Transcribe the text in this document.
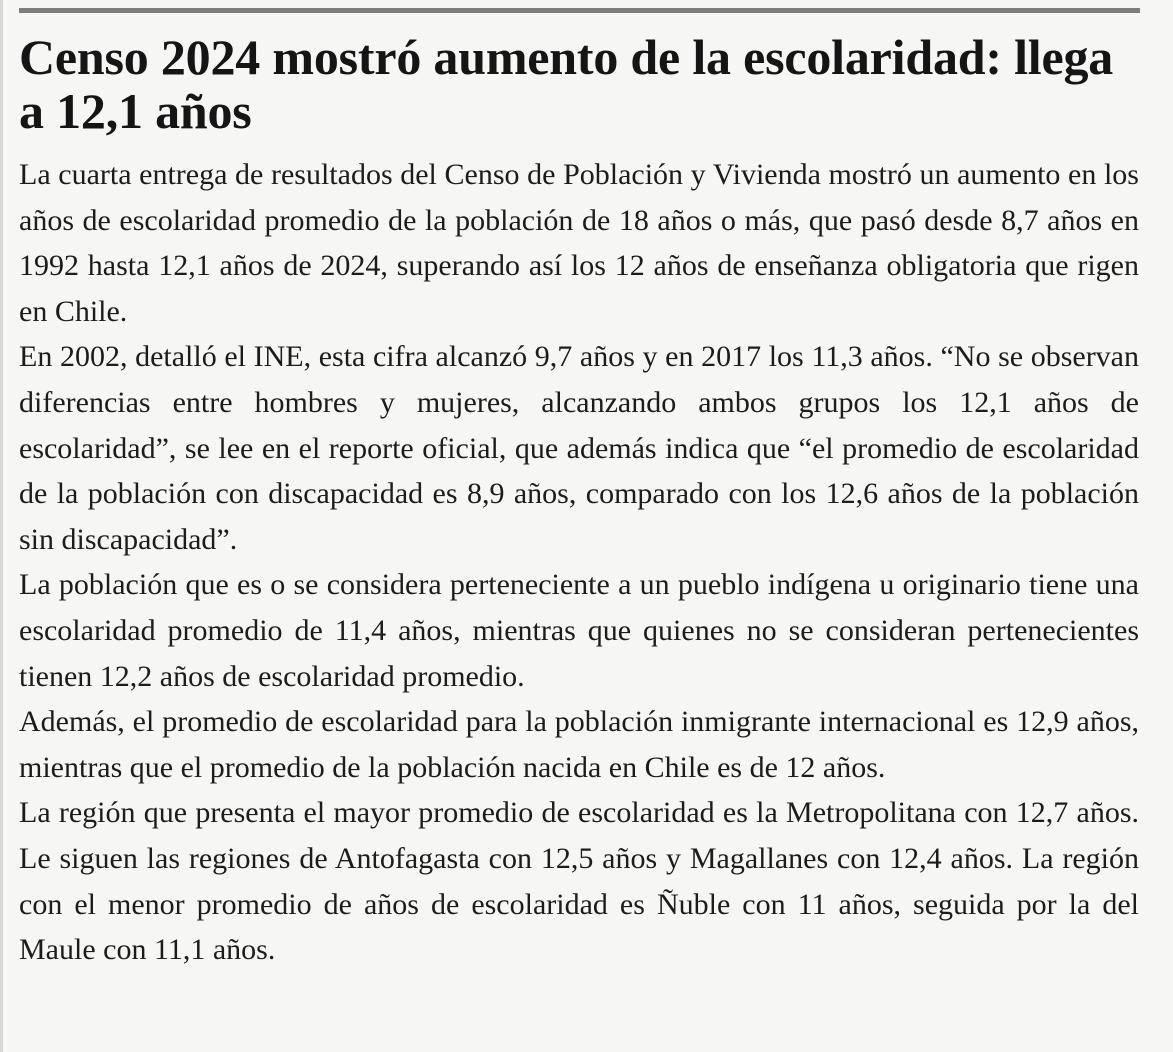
Censo 2024 mostró aumento de la escolaridad: llega a 12,1 años

La cuarta entrega de resultados del Censo de Población y Vivienda mostró un aumento en los años de escolaridad promedio de la población de 18 años o más, que pasó desde 8,7 años en 1992 hasta 12,1 años de 2024, superando así los 12 años de enseñanza obligatoria que rigen en Chile.

En 2002, detalló el INE, esta cifra alcanzó 9,7 años y en 2017 los 11,3 años. “No se observan diferencias entre hombres y mujeres, alcanzando ambos grupos los 12,1 años de escolaridad”, se lee en el reporte oficial, que además indica que “el promedio de escolaridad de la población con discapacidad es 8,9 años, comparado con los 12,6 años de la población sin discapacidad”.

La población que es o se considera perteneciente a un pueblo indígena u originario tiene una escolaridad promedio de 11,4 años, mientras que quienes no se consideran pertenecientes tienen 12,2 años de escolaridad promedio.

Además, el promedio de escolaridad para la población inmigrante internacional es 12,9 años, mientras que el promedio de la población nacida en Chile es de 12 años.

La región que presenta el mayor promedio de escolaridad es la Metropolitana con 12,7 años. Le siguen las regiones de Antofagasta con 12,5 años y Magallanes con 12,4 años. La región con el menor promedio de años de escolaridad es Ñuble con 11 años, seguida por la del Maule con 11,1 años.
